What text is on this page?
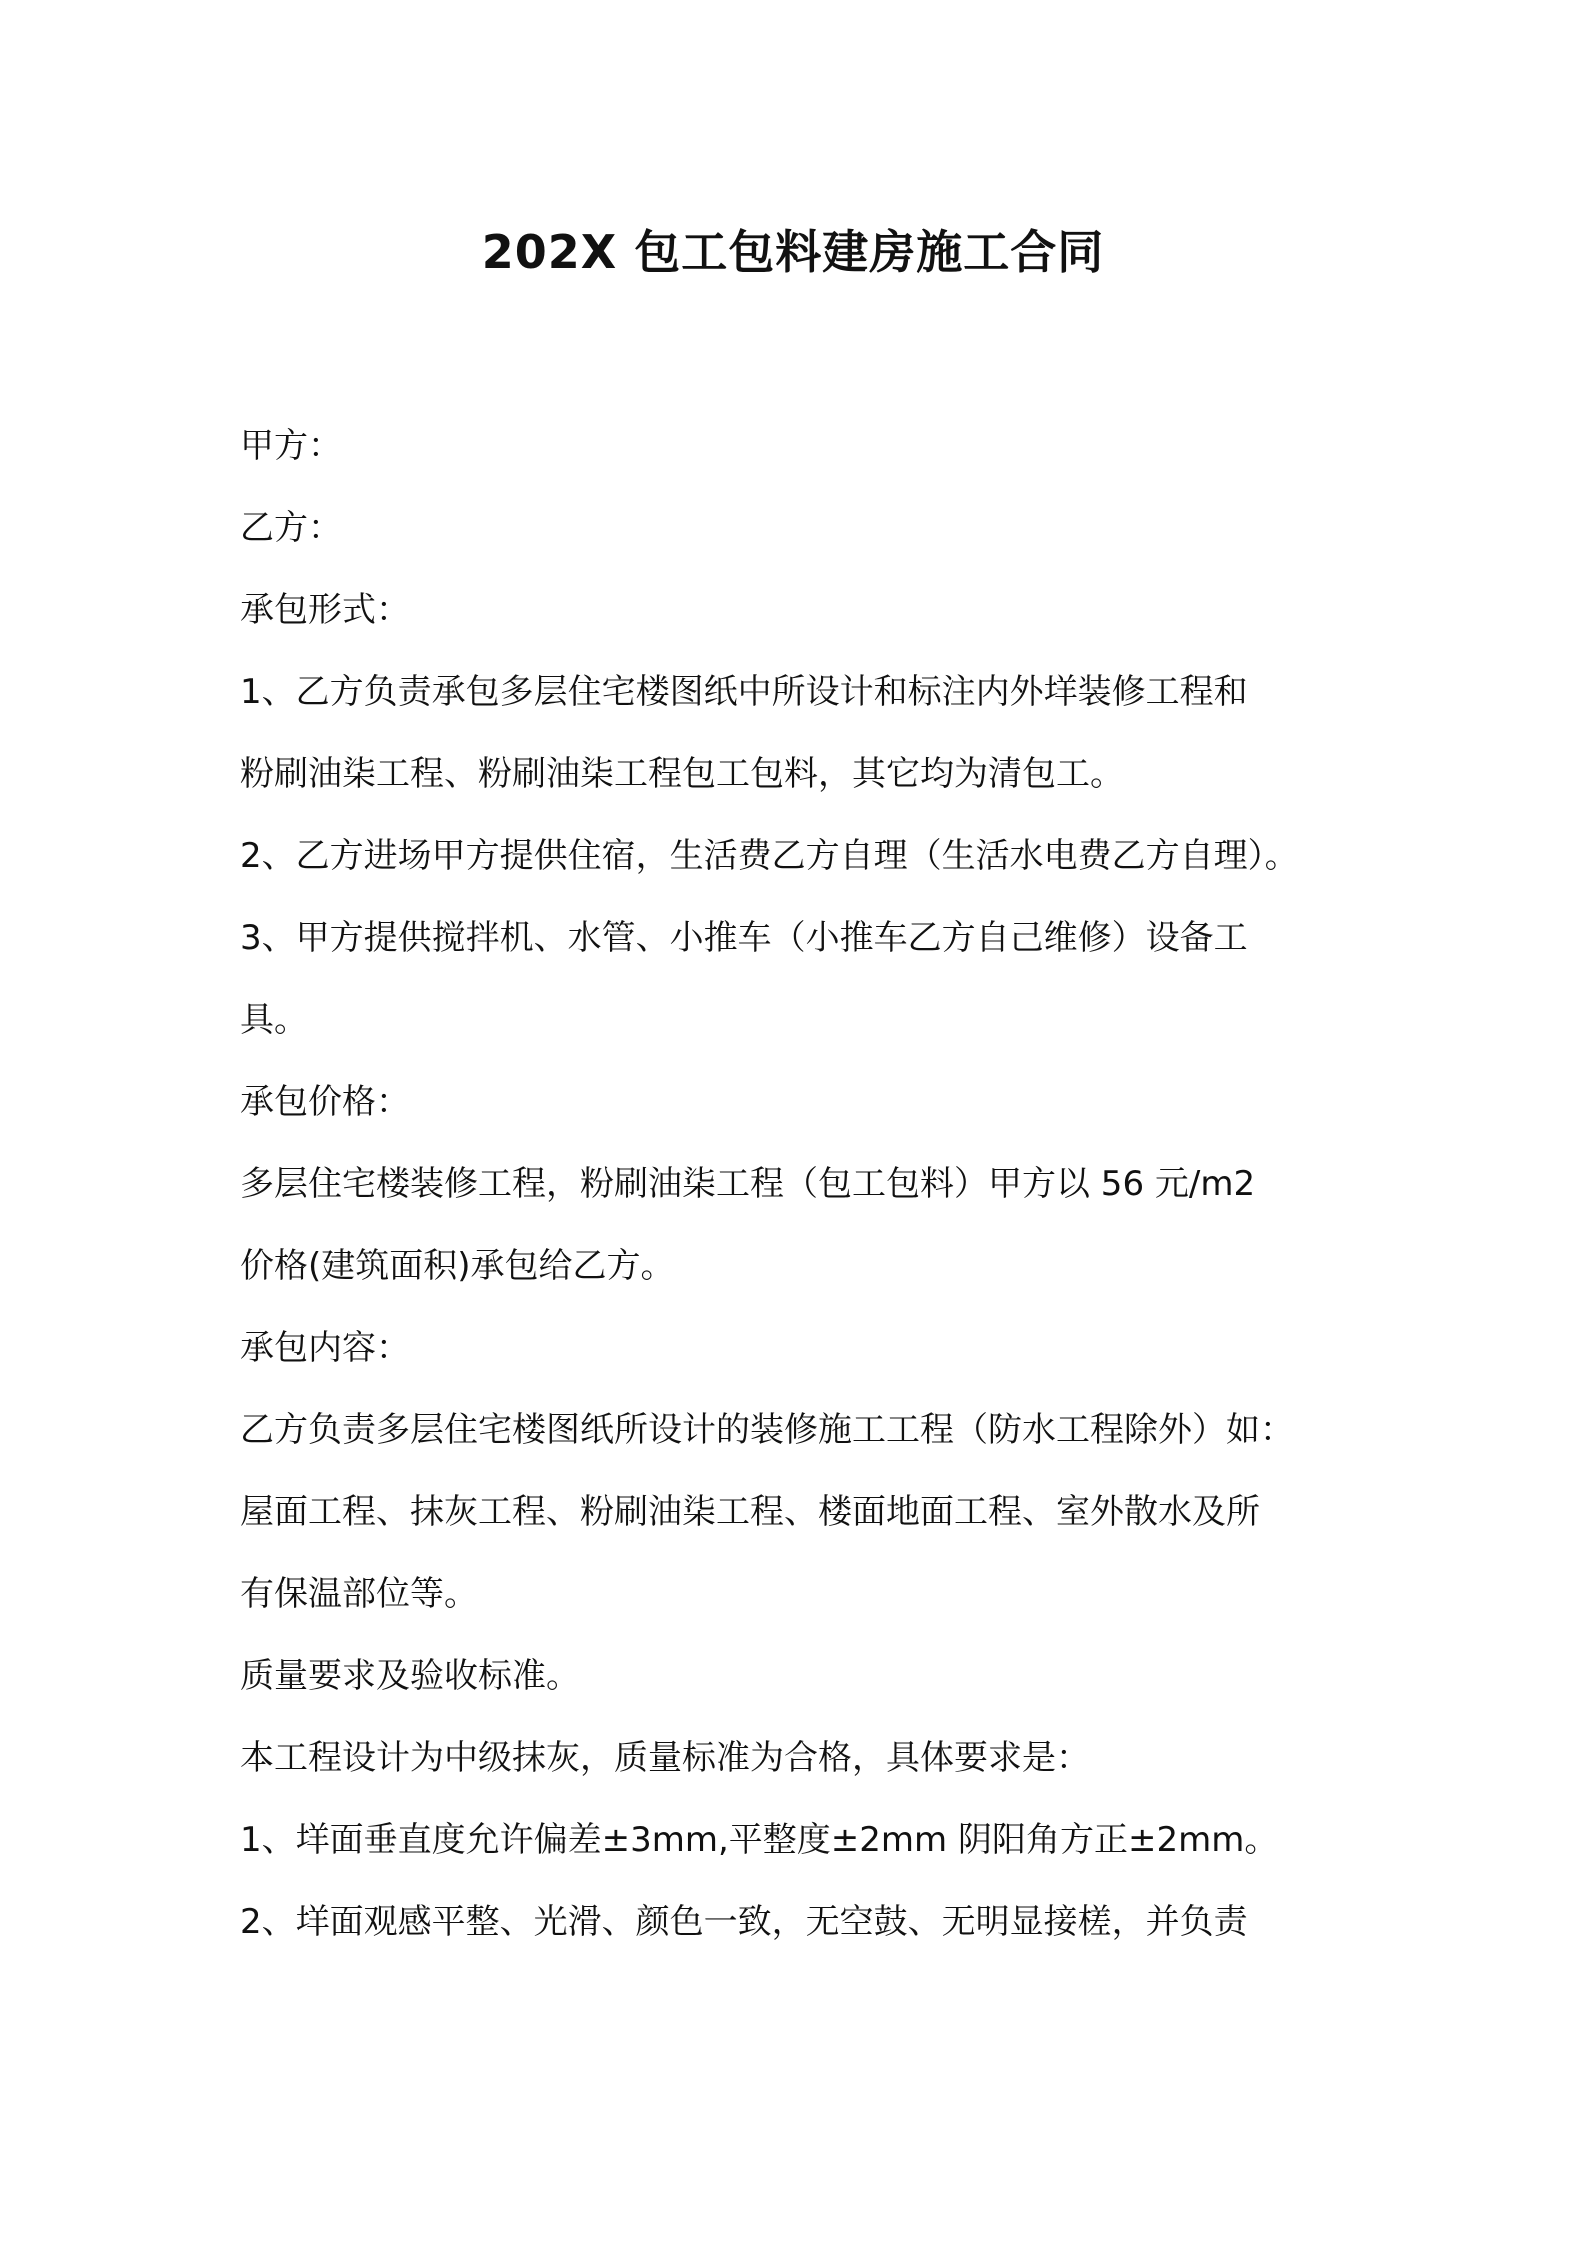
202X 包工包料建房施工合同

甲方：

乙方：

承包形式：

1、乙方负责承包多层住宅楼图纸中所设计和标注内外垟装修工程和

粉刷油柒工程、粉刷油柒工程包工包料，其它均为清包工。

2、乙方进场甲方提供住宿，生活费乙方自理（生活水电费乙方自理）。

3、甲方提供搅拌机、水管、小推车（小推车乙方自己维修）设备工

具。

承包价格：

多层住宅楼装修工程，粉刷油柒工程（包工包料）甲方以 56 元/m2

价格(建筑面积)承包给乙方。

承包内容：

乙方负责多层住宅楼图纸所设计的装修施工工程（防水工程除外）如：

屋面工程、抹灰工程、粉刷油柒工程、楼面地面工程、室外散水及所

有保温部位等。

质量要求及验收标准。

本工程设计为中级抹灰，质量标准为合格，具体要求是：

1、垟面垂直度允许偏差±3mm,平整度±2mm 阴阳角方正±2mm。

2、垟面观感平整、光滑、颜色一致，无空鼓、无明显接槎，并负责
